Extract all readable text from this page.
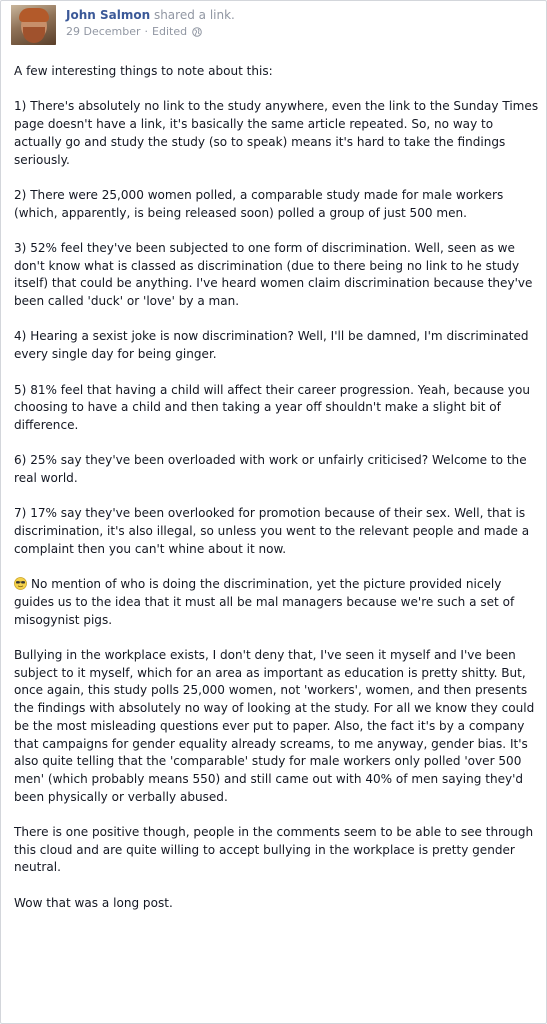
John Salmon shared a link.
29 December · Edited

A few interesting things to note about this:

1) There's absolutely no link to the study anywhere, even the link to the Sunday Times page doesn't have a link, it's basically the same article repeated. So, no way to actually go and study the study (so to speak) means it's hard to take the findings seriously.

2) There were 25,000 women polled, a comparable study made for male workers (which, apparently, is being released soon) polled a group of just 500 men.

3) 52% feel they've been subjected to one form of discrimination. Well, seen as we don't know what is classed as discrimination (due to there being no link to he study itself) that could be anything. I've heard women claim discrimination because they've been called 'duck' or 'love' by a man.

4) Hearing a sexist joke is now discrimination? Well, I'll be damned, I'm discriminated every single day for being ginger.

5) 81% feel that having a child will affect their career progression. Yeah, because you choosing to have a child and then taking a year off shouldn't make a slight bit of difference.

6) 25% say they've been overloaded with work or unfairly criticised? Welcome to the real world.

7) 17% say they've been overlooked for promotion because of their sex. Well, that is discrimination, it's also illegal, so unless you went to the relevant people and made a complaint then you can't whine about it now.

No mention of who is doing the discrimination, yet the picture provided nicely guides us to the idea that it must all be mal managers because we're such a set of misogynist pigs.

Bullying in the workplace exists, I don't deny that, I've seen it myself and I've been subject to it myself, which for an area as important as education is pretty shitty. But, once again, this study polls 25,000 women, not 'workers', women, and then presents the findings with absolutely no way of looking at the study. For all we know they could be the most misleading questions ever put to paper. Also, the fact it's by a company that campaigns for gender equality already screams, to me anyway, gender bias. It's also quite telling that the 'comparable' study for male workers only polled 'over 500 men' (which probably means 550) and still came out with 40% of men saying they'd been physically or verbally abused.

There is one positive though, people in the comments seem to be able to see through this cloud and are quite willing to accept bullying in the workplace is pretty gender neutral.

Wow that was a long post.
